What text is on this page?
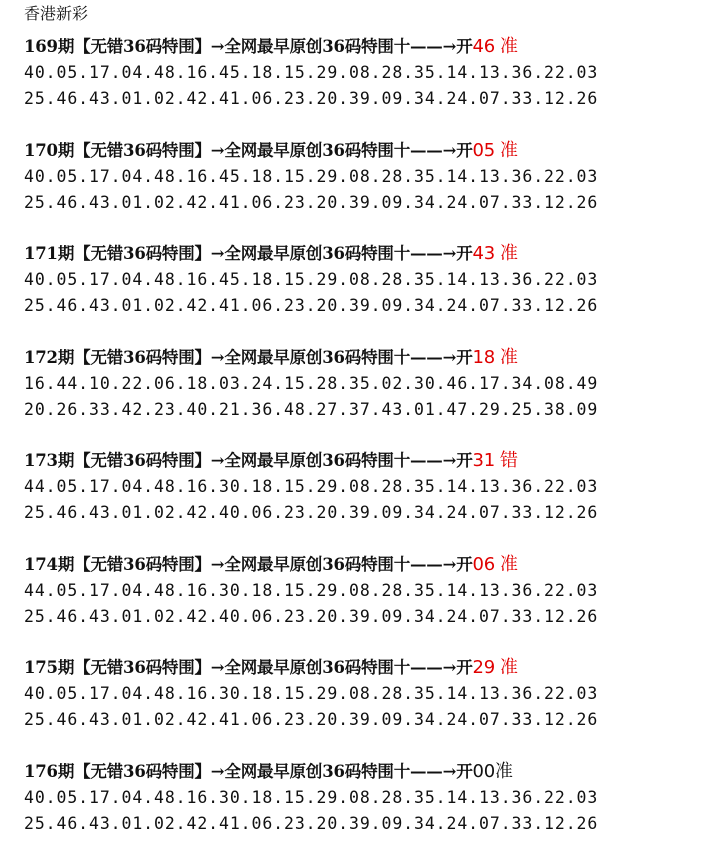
香港新彩
169期【无错36码特围】→全网最早原创36码特围十——→开46 准
40.05.17.04.48.16.45.18.15.29.08.28.35.14.13.36.22.03
25.46.43.01.02.42.41.06.23.20.39.09.34.24.07.33.12.26
170期【无错36码特围】→全网最早原创36码特围十——→开05 准
40.05.17.04.48.16.45.18.15.29.08.28.35.14.13.36.22.03
25.46.43.01.02.42.41.06.23.20.39.09.34.24.07.33.12.26
171期【无错36码特围】→全网最早原创36码特围十——→开43 准
40.05.17.04.48.16.45.18.15.29.08.28.35.14.13.36.22.03
25.46.43.01.02.42.41.06.23.20.39.09.34.24.07.33.12.26
172期【无错36码特围】→全网最早原创36码特围十——→开18 准
16.44.10.22.06.18.03.24.15.28.35.02.30.46.17.34.08.49
20.26.33.42.23.40.21.36.48.27.37.43.01.47.29.25.38.09
173期【无错36码特围】→全网最早原创36码特围十——→开31 错
44.05.17.04.48.16.30.18.15.29.08.28.35.14.13.36.22.03
25.46.43.01.02.42.40.06.23.20.39.09.34.24.07.33.12.26
174期【无错36码特围】→全网最早原创36码特围十——→开06 准
44.05.17.04.48.16.30.18.15.29.08.28.35.14.13.36.22.03
25.46.43.01.02.42.40.06.23.20.39.09.34.24.07.33.12.26
175期【无错36码特围】→全网最早原创36码特围十——→开29 准
40.05.17.04.48.16.30.18.15.29.08.28.35.14.13.36.22.03
25.46.43.01.02.42.41.06.23.20.39.09.34.24.07.33.12.26
176期【无错36码特围】→全网最早原创36码特围十——→开00准
40.05.17.04.48.16.30.18.15.29.08.28.35.14.13.36.22.03
25.46.43.01.02.42.41.06.23.20.39.09.34.24.07.33.12.26
